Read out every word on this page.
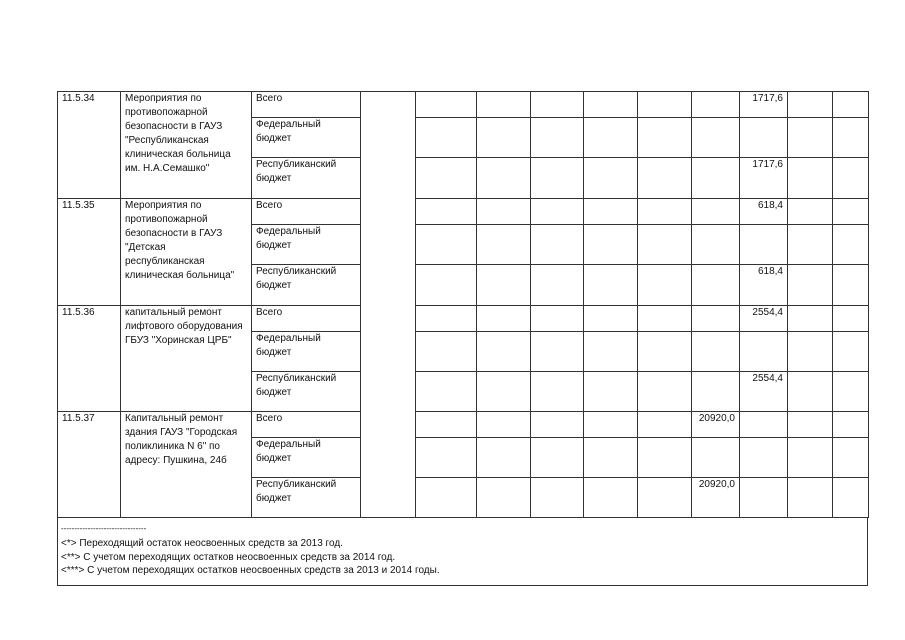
11.5.34	Мероприятия по противопожарной безопасности в ГАУЗ "Республиканская клиническая больница им. Н.А.Семашко"	Всего								1717,6		
		Федеральный бюджет										
		Республиканский бюджет								1717,6		
11.5.35	Мероприятия по противопожарной безопасности в ГАУЗ "Детская республиканская клиническая больница"	Всего								618,4		
		Федеральный бюджет										
		Республиканский бюджет								618,4		
11.5.36	капитальный ремонт лифтового оборудования ГБУЗ "Хоринская ЦРБ"	Всего								2554,4		
		Федеральный бюджет										
		Республиканский бюджет								2554,4		
11.5.37	Капитальный ремонт здания ГАУЗ "Городская поликлиника N 6" по адресу: Пушкина, 24б	Всего							20920,0			
		Федеральный бюджет										
		Республиканский бюджет							20920,0			
--------------------------------
<*> Переходящий остаток неосвоенных средств за 2013 год.
<**> С учетом переходящих остатков неосвоенных средств за 2014 год.
<***> С учетом переходящих остатков неосвоенных средств за 2013 и 2014 годы.
